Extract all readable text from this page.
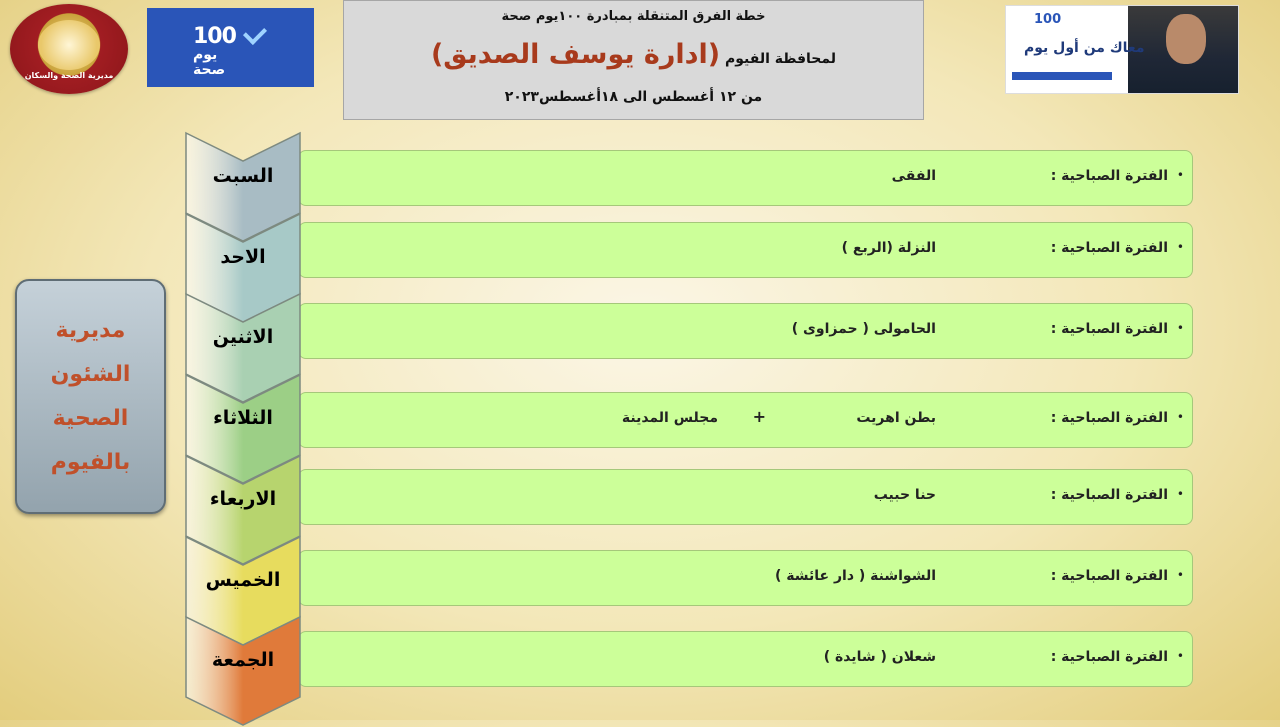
مديرية الصحة والسكان
100
يوم
صحة
خطة الفرق المتنقلة بمبادرة ١٠٠يوم صحة
لمحافظة الفيوم (ادارة يوسف الصديق)
من ١٢ أغسطس الى ١٨أغسطس٢٠٢٣
100
معاك من أول يوم
مديرية
الشئون
الصحية
بالفيوم
•
الفترة الصباحية :
الفقى
•
الفترة الصباحية :
النزلة (الربع )
•
الفترة الصباحية :
الحامولى ( حمزاوى )
•
الفترة الصباحية :
بطن اهريت
+
مجلس المدينة
•
الفترة الصباحية :
حنا حبيب
•
الفترة الصباحية :
الشواشنة ( دار عائشة )
•
الفترة الصباحية :
شعلان ( شايدة )
السبت
الاحد
الاثنين
الثلاثاء
الاربعاء
الخميس
الجمعة
